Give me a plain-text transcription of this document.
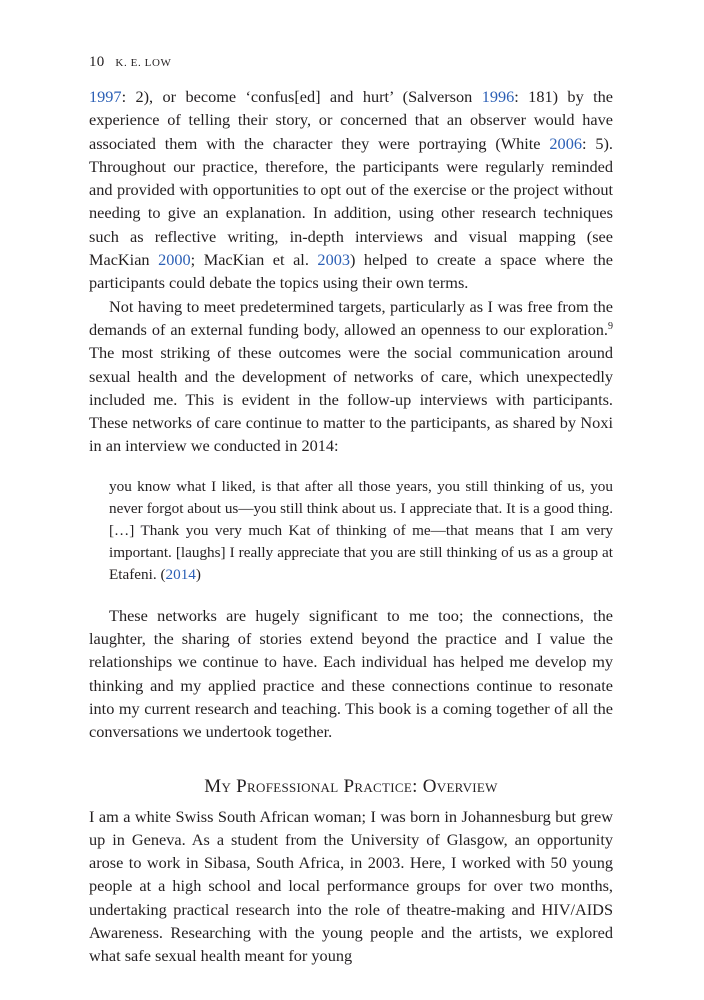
10 K. E. LOW

1997: 2), or become ‘confus[ed] and hurt’ (Salverson 1996: 181) by the experience of telling their story, or concerned that an observer would have associated them with the character they were portraying (White 2006: 5). Throughout our practice, therefore, the participants were regularly reminded and provided with opportunities to opt out of the exercise or the project without needing to give an explanation. In addition, using other research techniques such as reflective writing, in-depth interviews and visual mapping (see MacKian 2000; MacKian et al. 2003) helped to create a space where the participants could debate the topics using their own terms.

Not having to meet predetermined targets, particularly as I was free from the demands of an external funding body, allowed an openness to our exploration.$^9$ The most striking of these outcomes were the social communication around sexual health and the development of networks of care, which unexpectedly included me. This is evident in the follow-up interviews with participants. These networks of care continue to matter to the participants, as shared by Noxi in an interview we conducted in 2014:

you know what I liked, is that after all those years, you still thinking of us, you never forgot about us—you still think about us. I appreciate that. It is a good thing. […] Thank you very much Kat of thinking of me—that means that I am very important. [laughs] I really appreciate that you are still thinking of us as a group at Etafeni. (2014)

These networks are hugely significant to me too; the connections, the laughter, the sharing of stories extend beyond the practice and I value the relationships we continue to have. Each individual has helped me develop my thinking and my applied practice and these connections continue to resonate into my current research and teaching. This book is a coming together of all the conversations we undertook together.

My Professional Practice: Overview

I am a white Swiss South African woman; I was born in Johannesburg but grew up in Geneva. As a student from the University of Glasgow, an opportunity arose to work in Sibasa, South Africa, in 2003. Here, I worked with 50 young people at a high school and local performance groups for over two months, undertaking practical research into the role of theatre-making and HIV/AIDS Awareness. Researching with the young people and the artists, we explored what safe sexual health meant for young
